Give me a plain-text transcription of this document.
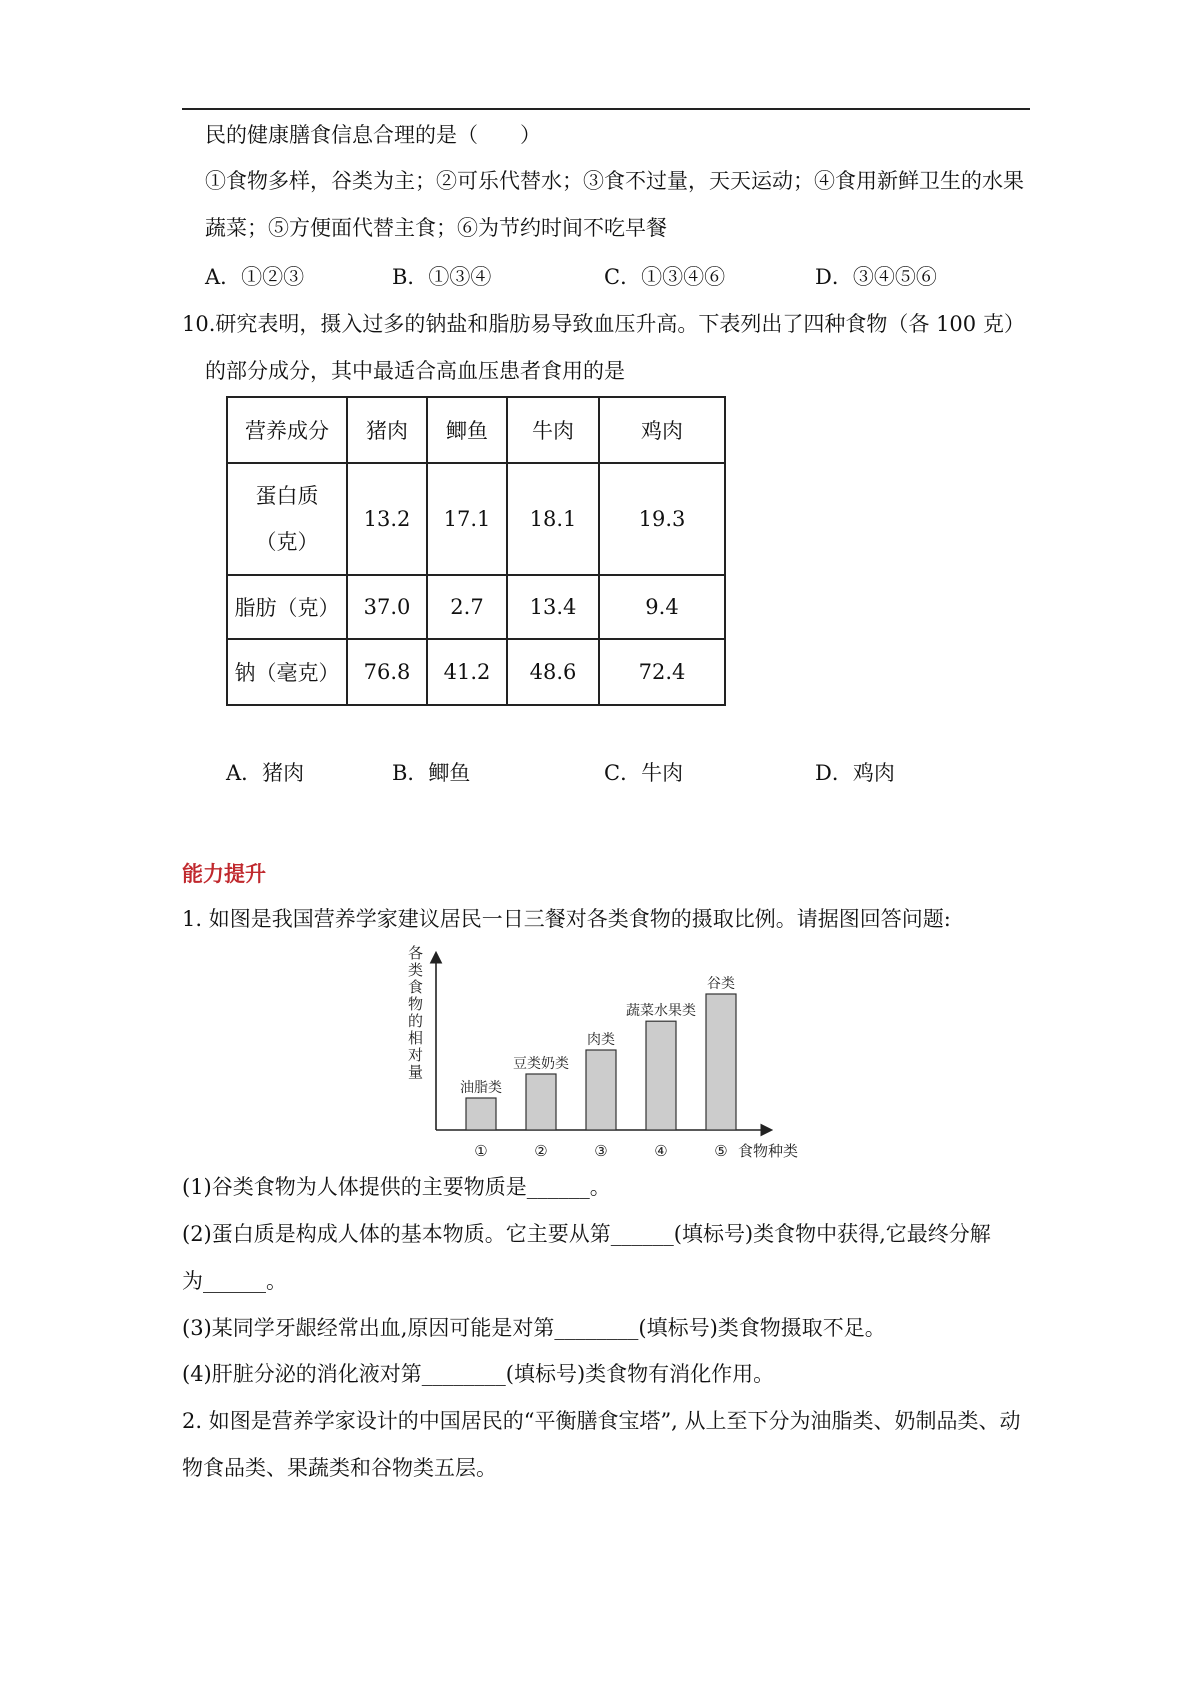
民的健康膳食信息合理的是（　　）
①食物多样，谷类为主；②可乐代替水；③食不过量，天天运动；④食用新鲜卫生的水果
蔬菜；⑤方便面代替主食；⑥为节约时间不吃早餐
A．①②③	B．①③④	C．①③④⑥	D．③④⑤⑥
10.研究表明，摄入过多的钠盐和脂肪易导致血压升高。下表列出了四种食物（各 100 克）
的部分成分，其中最适合高血压患者食用的是
营养成分	猪肉	鲫鱼	牛肉	鸡肉

蛋白质
（克）	13.2	17.1	18.1	19.3
脂肪（克）	37.0	2.7	13.4	9.4
钠（毫克）	76.8	41.2	48.6	72.4
A．猪肉	B．鲫鱼	C．牛肉	D．鸡肉
能力提升
1. 如图是我国营养学家建议居民一日三餐对各类食物的摄取比例。请据图回答问题:
各
类
食
物
的
相
对
量
油脂类
①
豆类奶类
②
肉类
③
蔬菜水果类
④
谷类
⑤ 食物种类
(1)谷类食物为人体提供的主要物质是______。
(2)蛋白质是构成人体的基本物质。它主要从第______(填标号)类食物中获得,它最终分解
为______。
(3)某同学牙龈经常出血,原因可能是对第________(填标号)类食物摄取不足。
(4)肝脏分泌的消化液对第________(填标号)类食物有消化作用。
2. 如图是营养学家设计的中国居民的“平衡膳食宝塔”, 从上至下分为油脂类、奶制品类、动
物食品类、果蔬类和谷物类五层。
